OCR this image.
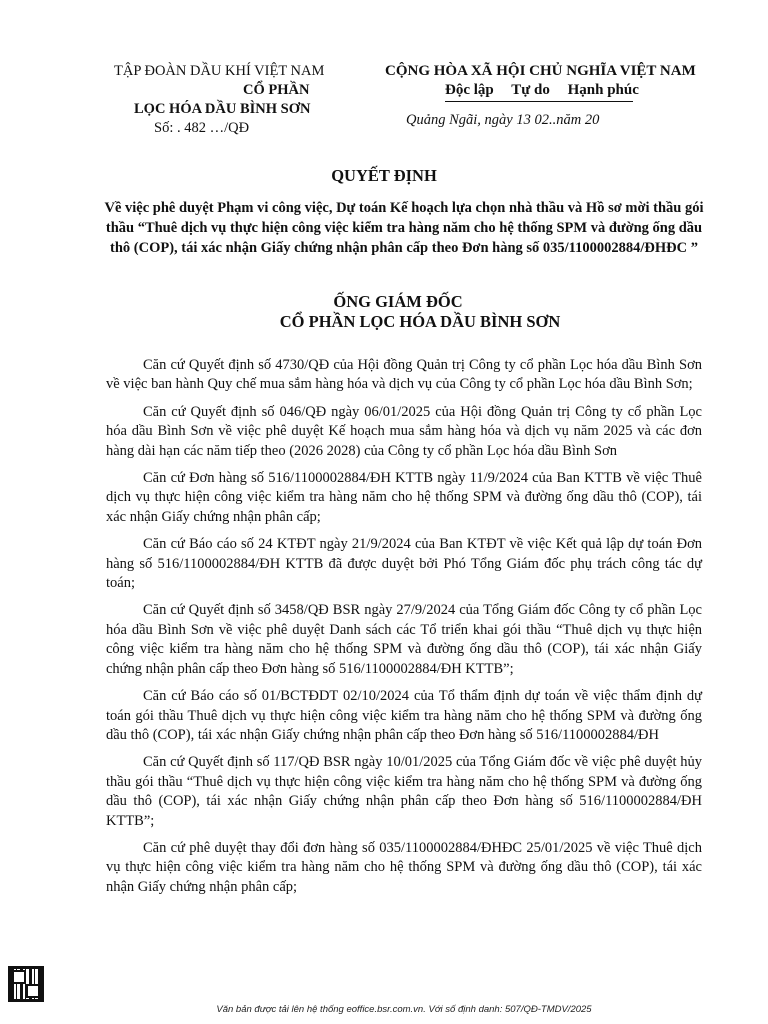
TẬP ĐOÀN DẦU KHÍ VIỆT NAM
CỔ PHẦN
LỌC HÓA DẦU BÌNH SƠN
Số: . 482 …/QĐ
CỘNG HÒA XÃ HỘI CHỦ NGHĨA VIỆT NAM
Độc lập Tự do Hạnh phúc
Quảng Ngãi, ngày 13 02..năm 20
QUYẾT ĐỊNH
Về việc phê duyệt Phạm vi công việc, Dự toán Kế hoạch lựa chọn nhà thầu và Hồ sơ mời thầu gói thầu “Thuê dịch vụ thực hiện công việc kiểm tra hàng năm cho hệ thống SPM và đường ống dầu thô (COP), tái xác nhận Giấy chứng nhận phân cấp theo Đơn hàng số 035/1100002884/ĐHĐC ”
ỐNG GIÁM ĐỐC
CỔ PHẦN LỌC HÓA DẦU BÌNH SƠN

Căn cứ Quyết định số 4730/QĐ của Hội đồng Quản trị Công ty cổ phần Lọc hóa dầu Bình Sơn về việc ban hành Quy chế mua sắm hàng hóa và dịch vụ của Công ty cổ phần Lọc hóa dầu Bình Sơn;

Căn cứ Quyết định số 046/QĐ ngày 06/01/2025 của Hội đồng Quản trị Công ty cổ phần Lọc hóa dầu Bình Sơn về việc phê duyệt Kế hoạch mua sắm hàng hóa và dịch vụ năm 2025 và các đơn hàng dài hạn các năm tiếp theo (2026 2028) của Công ty cổ phần Lọc hóa dầu Bình Sơn

Căn cứ Đơn hàng số 516/1100002884/ĐH KTTB ngày 11/9/2024 của Ban KTTB về việc Thuê dịch vụ thực hiện công việc kiểm tra hàng năm cho hệ thống SPM và đường ống dầu thô (COP), tái xác nhận Giấy chứng nhận phân cấp;

Căn cứ Báo cáo số 24 KTĐT ngày 21/9/2024 của Ban KTĐT về việc Kết quả lập dự toán Đơn hàng số 516/1100002884/ĐH KTTB đã được duyệt bởi Phó Tổng Giám đốc phụ trách công tác dự toán;

Căn cứ Quyết định số 3458/QĐ BSR ngày 27/9/2024 của Tổng Giám đốc Công ty cổ phần Lọc hóa dầu Bình Sơn về việc phê duyệt Danh sách các Tổ triển khai gói thầu “Thuê dịch vụ thực hiện công việc kiểm tra hàng năm cho hệ thống SPM và đường ống dầu thô (COP), tái xác nhận Giấy chứng nhận phân cấp theo Đơn hàng số 516/1100002884/ĐH KTTB”;

Căn cứ Báo cáo số 01/BCTĐDT 02/10/2024 của Tổ thẩm định dự toán về việc thẩm định dự toán gói thầu Thuê dịch vụ thực hiện công việc kiểm tra hàng năm cho hệ thống SPM và đường ống dầu thô (COP), tái xác nhận Giấy chứng nhận phân cấp theo Đơn hàng số 516/1100002884/ĐH

Căn cứ Quyết định số 117/QĐ BSR ngày 10/01/2025 của Tổng Giám đốc về việc phê duyệt hủy thầu gói thầu “Thuê dịch vụ thực hiện công việc kiểm tra hàng năm cho hệ thống SPM và đường ống dầu thô (COP), tái xác nhận Giấy chứng nhận phân cấp theo Đơn hàng số 516/1100002884/ĐH KTTB”;

Căn cứ phê duyệt thay đổi đơn hàng số 035/1100002884/ĐHĐC 25/01/2025 về việc Thuê dịch vụ thực hiện công việc kiểm tra hàng năm cho hệ thống SPM và đường ống dầu thô (COP), tái xác nhận Giấy chứng nhận phân cấp;

Văn bản được tải lên hệ thống eoffice.bsr.com.vn. Với số định danh: 507/QĐ-TMDV/2025
